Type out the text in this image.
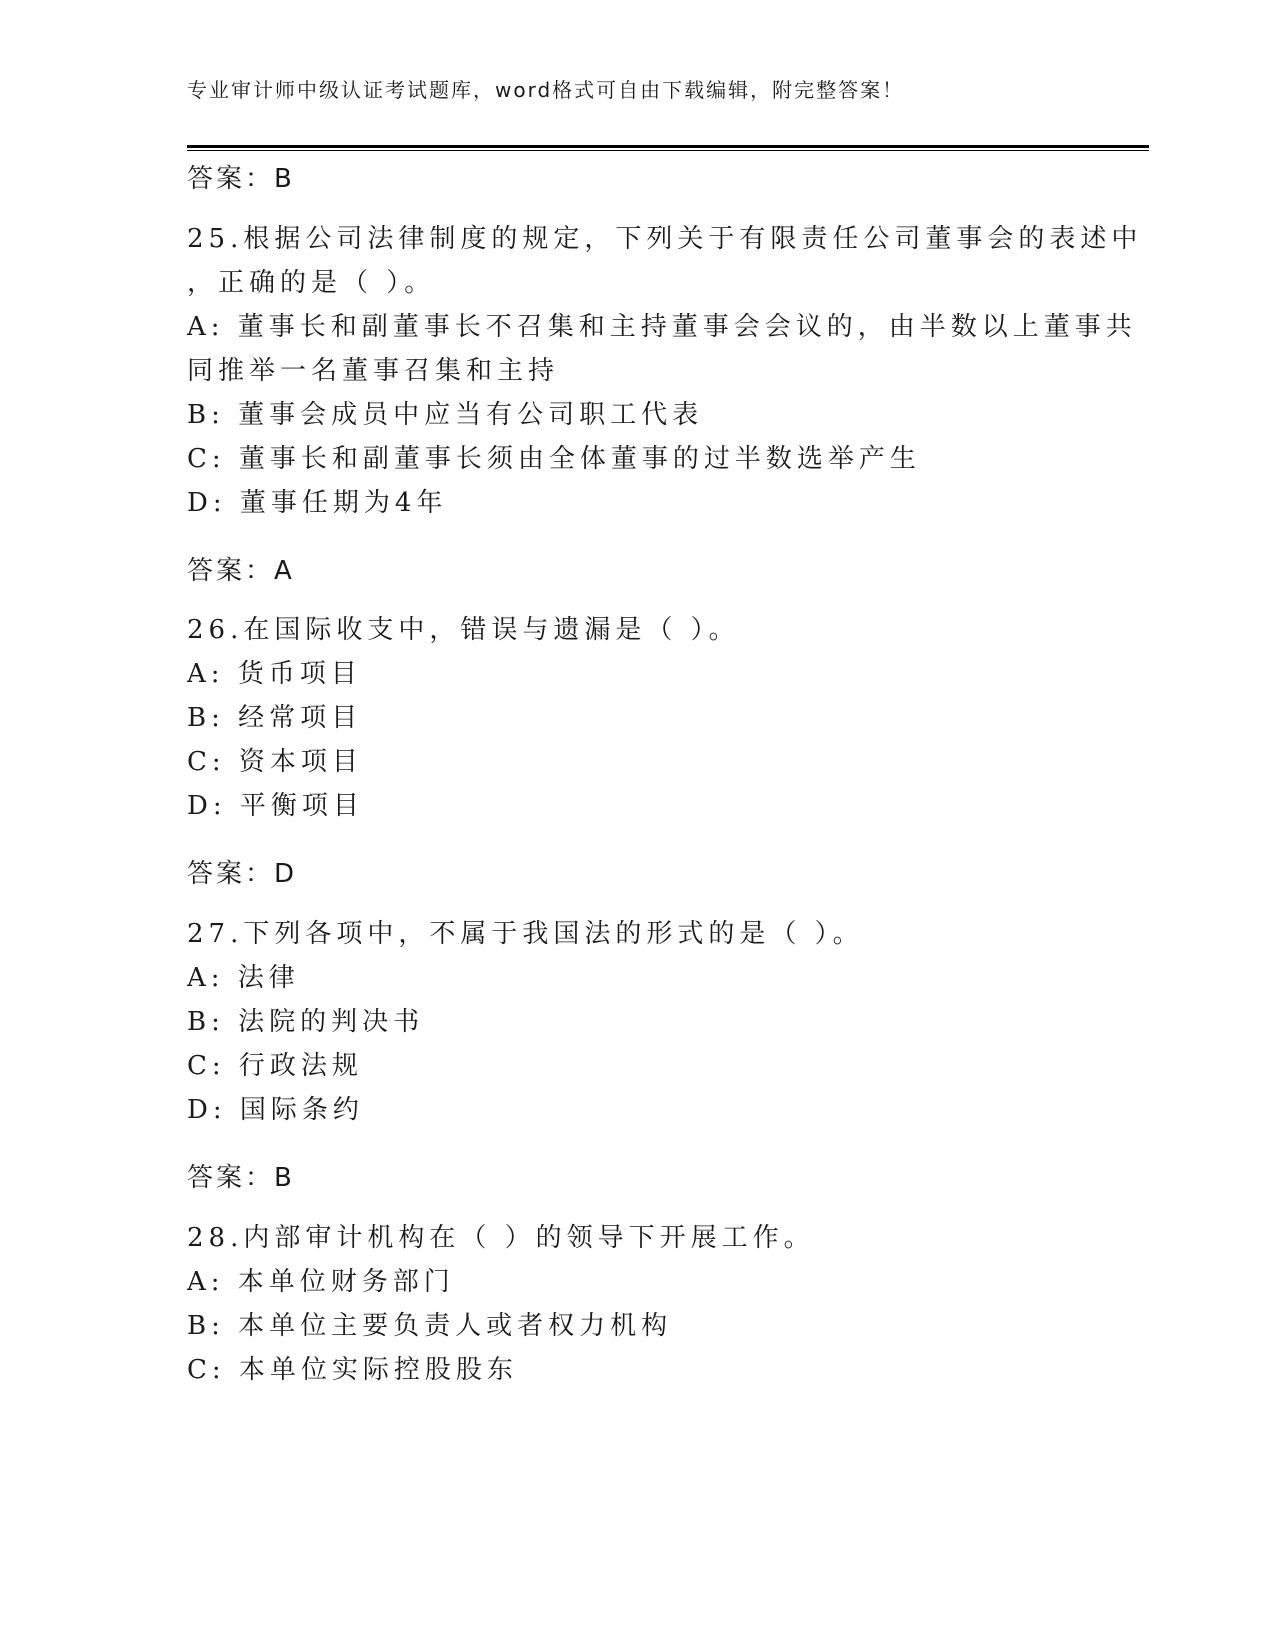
专业审计师中级认证考试题库，word格式可自由下载编辑，附完整答案！
答案：B
25.根据公司法律制度的规定，下列关于有限责任公司董事会的表述中
，正确的是（ ）。
A: 董事长和副董事长不召集和主持董事会会议的，由半数以上董事共
同推举一名董事召集和主持
B: 董事会成员中应当有公司职工代表
C: 董事长和副董事长须由全体董事的过半数选举产生
D: 董事任期为4年
答案：A
26.在国际收支中，错误与遗漏是（ ）。
A: 货币项目
B: 经常项目
C: 资本项目
D: 平衡项目
答案：D
27.下列各项中，不属于我国法的形式的是（ ）。
A: 法律
B: 法院的判决书
C: 行政法规
D: 国际条约
答案：B
28.内部审计机构在（ ）的领导下开展工作。
A: 本单位财务部门
B: 本单位主要负责人或者权力机构
C: 本单位实际控股股东
